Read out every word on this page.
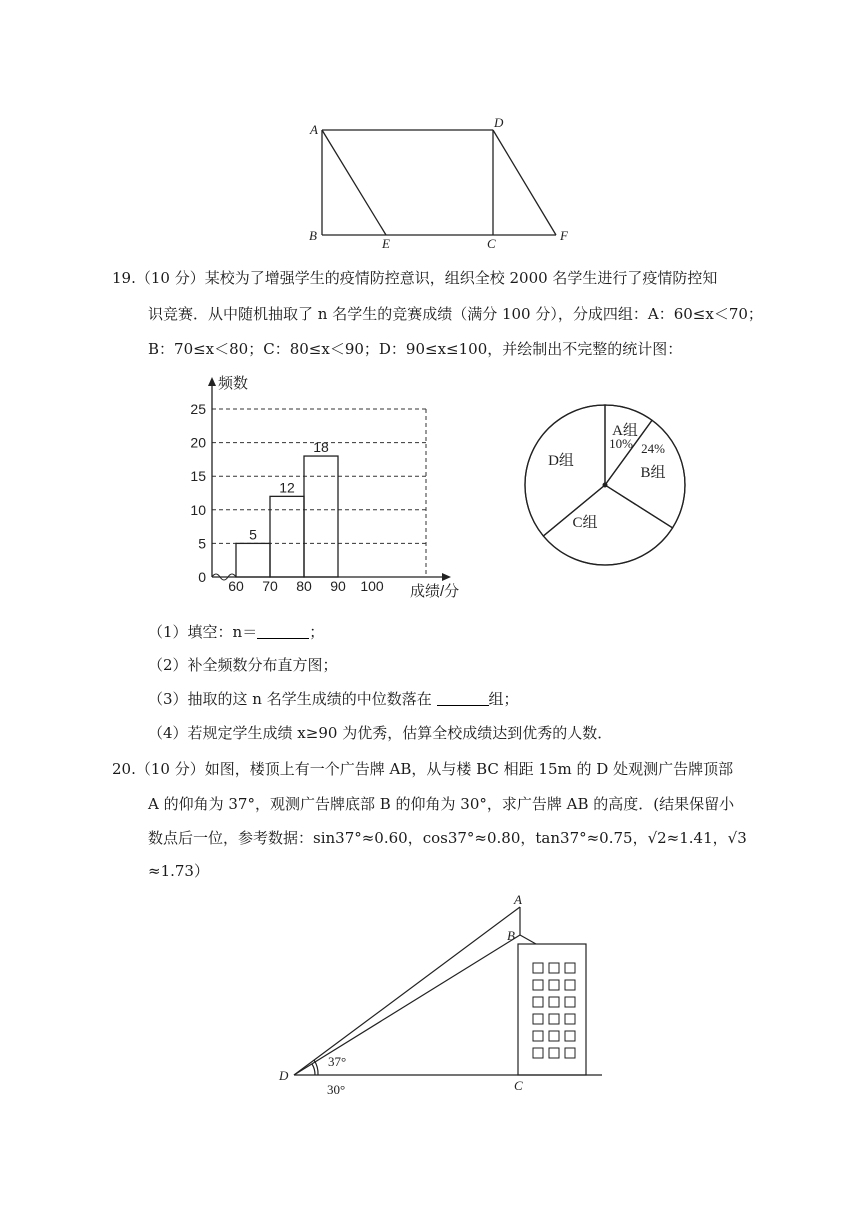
A	D
B
E	C
F
19.（10 分）某校为了增强学生的疫情防控意识，组织全校 2000 名学生进行了疫情防控知
识竞赛．从中随机抽取了 n 名学生的竞赛成绩（满分 100 分），分成四组：A：60≤x＜70；
B：70≤x＜80；C：80≤x＜90；D：90≤x≤100，并绘制出不完整的统计图：
0
5
10
15
20
25
频数
成绩/分
60 70 80 90 100
5
12
18
A组
10%
B组
24%
C组
D组
（1）填空：n＝	；
（2）补全频数分布直方图；
（3）抽取的这 n 名学生成绩的中位数落在	组；
（4）若规定学生成绩 x≥90 为优秀，估算全校成绩达到优秀的人数．
20.（10 分）如图，楼顶上有一个广告牌 AB，从与楼 BC 相距 15m 的 D 处观测广告牌顶部
A 的仰角为 37°，观测广告牌底部 B 的仰角为 30°，求广告牌 AB 的高度．(结果保留小
数点后一位，参考数据：sin37°≈0.60，cos37°≈0.80，tan37°≈0.75，√2≈1.41，√3
≈1.73）
A
B
C
D
37°
30°
